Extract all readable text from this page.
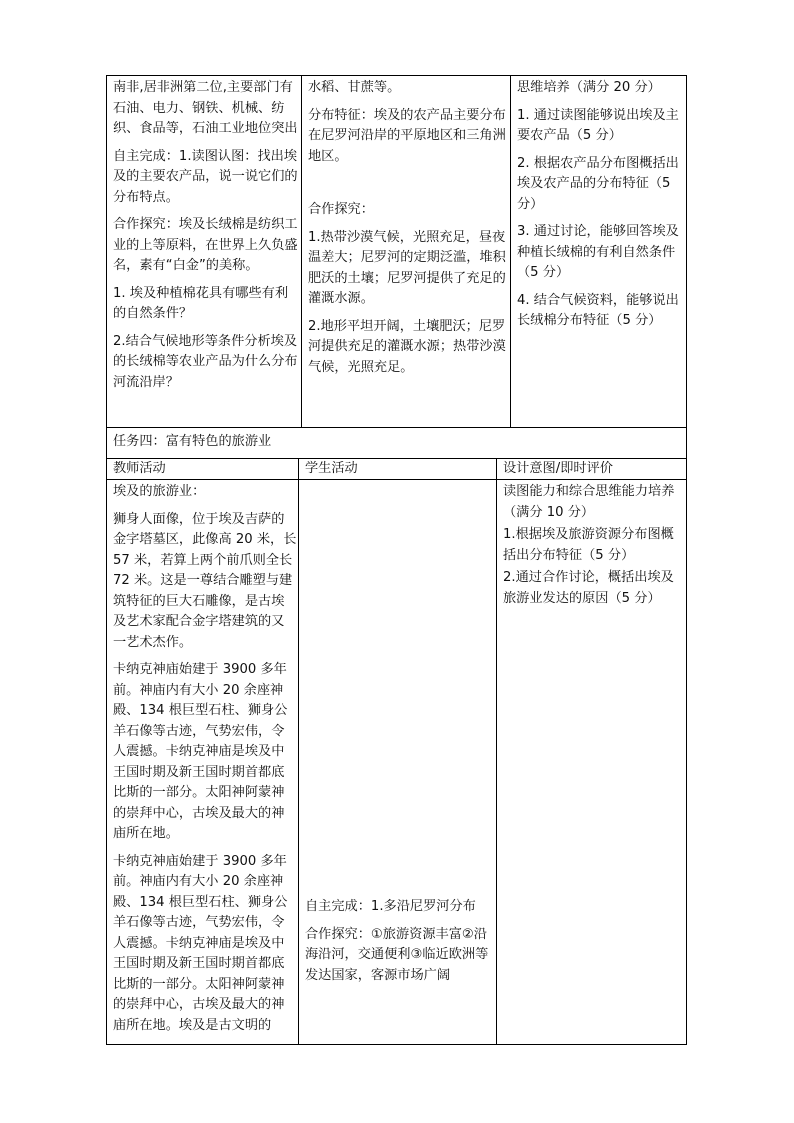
南非,居非洲第二位,主要部门有石油、电力、钢铁、机械、纺织、食品等，石油工业地位突出

自主完成：1.读图认图：找出埃及的主要农产品，说一说它们的分布特点。

合作探究：埃及长绒棉是纺织工业的上等原料，在世界上久负盛名，素有“白金”的美称。

1. 埃及种植棉花具有哪些有利的自然条件？

2.结合气候地形等条件分析埃及的长绒棉等农业产品为什么分布河流沿岸？

水稻、甘蔗等。

分布特征：埃及的农产品主要分布在尼罗河沿岸的平原地区和三角洲地区。

合作探究：

1.热带沙漠气候，光照充足，昼夜温差大；尼罗河的定期泛滥，堆积肥沃的土壤；尼罗河提供了充足的灌溉水源。

2.地形平坦开阔，土壤肥沃；尼罗河提供充足的灌溉水源；热带沙漠气候，光照充足。

思维培养（满分 20 分）

1. 通过读图能够说出埃及主要农产品（5 分）

2. 根据农产品分布图概括出埃及农产品的分布特征（5 分）

3. 通过讨论，能够回答埃及种植长绒棉的有利自然条件（5 分）

4. 结合气候资料，能够说出长绒棉分布特征（5 分）

任务四：富有特色的旅游业
教师活动	学生活动	设计意图/即时评价

埃及的旅游业：

狮身人面像，位于埃及吉萨的金字塔墓区，此像高 20 米，长 57 米，若算上两个前爪则全长 72 米。这是一尊结合雕塑与建筑特征的巨大石雕像，是古埃及艺术家配合金字塔建筑的又一艺术杰作。

卡纳克神庙始建于 3900 多年前。神庙内有大小 20 余座神殿、134 根巨型石柱、狮身公羊石像等古迹，气势宏伟，令人震撼。卡纳克神庙是埃及中王国时期及新王国时期首都底比斯的一部分。太阳神阿蒙神的崇拜中心，古埃及最大的神庙所在地。

卡纳克神庙始建于 3900 多年前。神庙内有大小 20 余座神殿、134 根巨型石柱、狮身公羊石像等古迹，气势宏伟，令人震撼。卡纳克神庙是埃及中王国时期及新王国时期首都底比斯的一部分。太阳神阿蒙神的崇拜中心，古埃及最大的神庙所在地。埃及是古文明的

自主完成：1.多沿尼罗河分布

合作探究：①旅游资源丰富②沿海沿河，交通便利③临近欧洲等发达国家，客源市场广阔

读图能力和综合思维能力培养（满分 10 分）

1.根据埃及旅游资源分布图概括出分布特征（5 分）

2.通过合作讨论，概括出埃及旅游业发达的原因（5 分）
